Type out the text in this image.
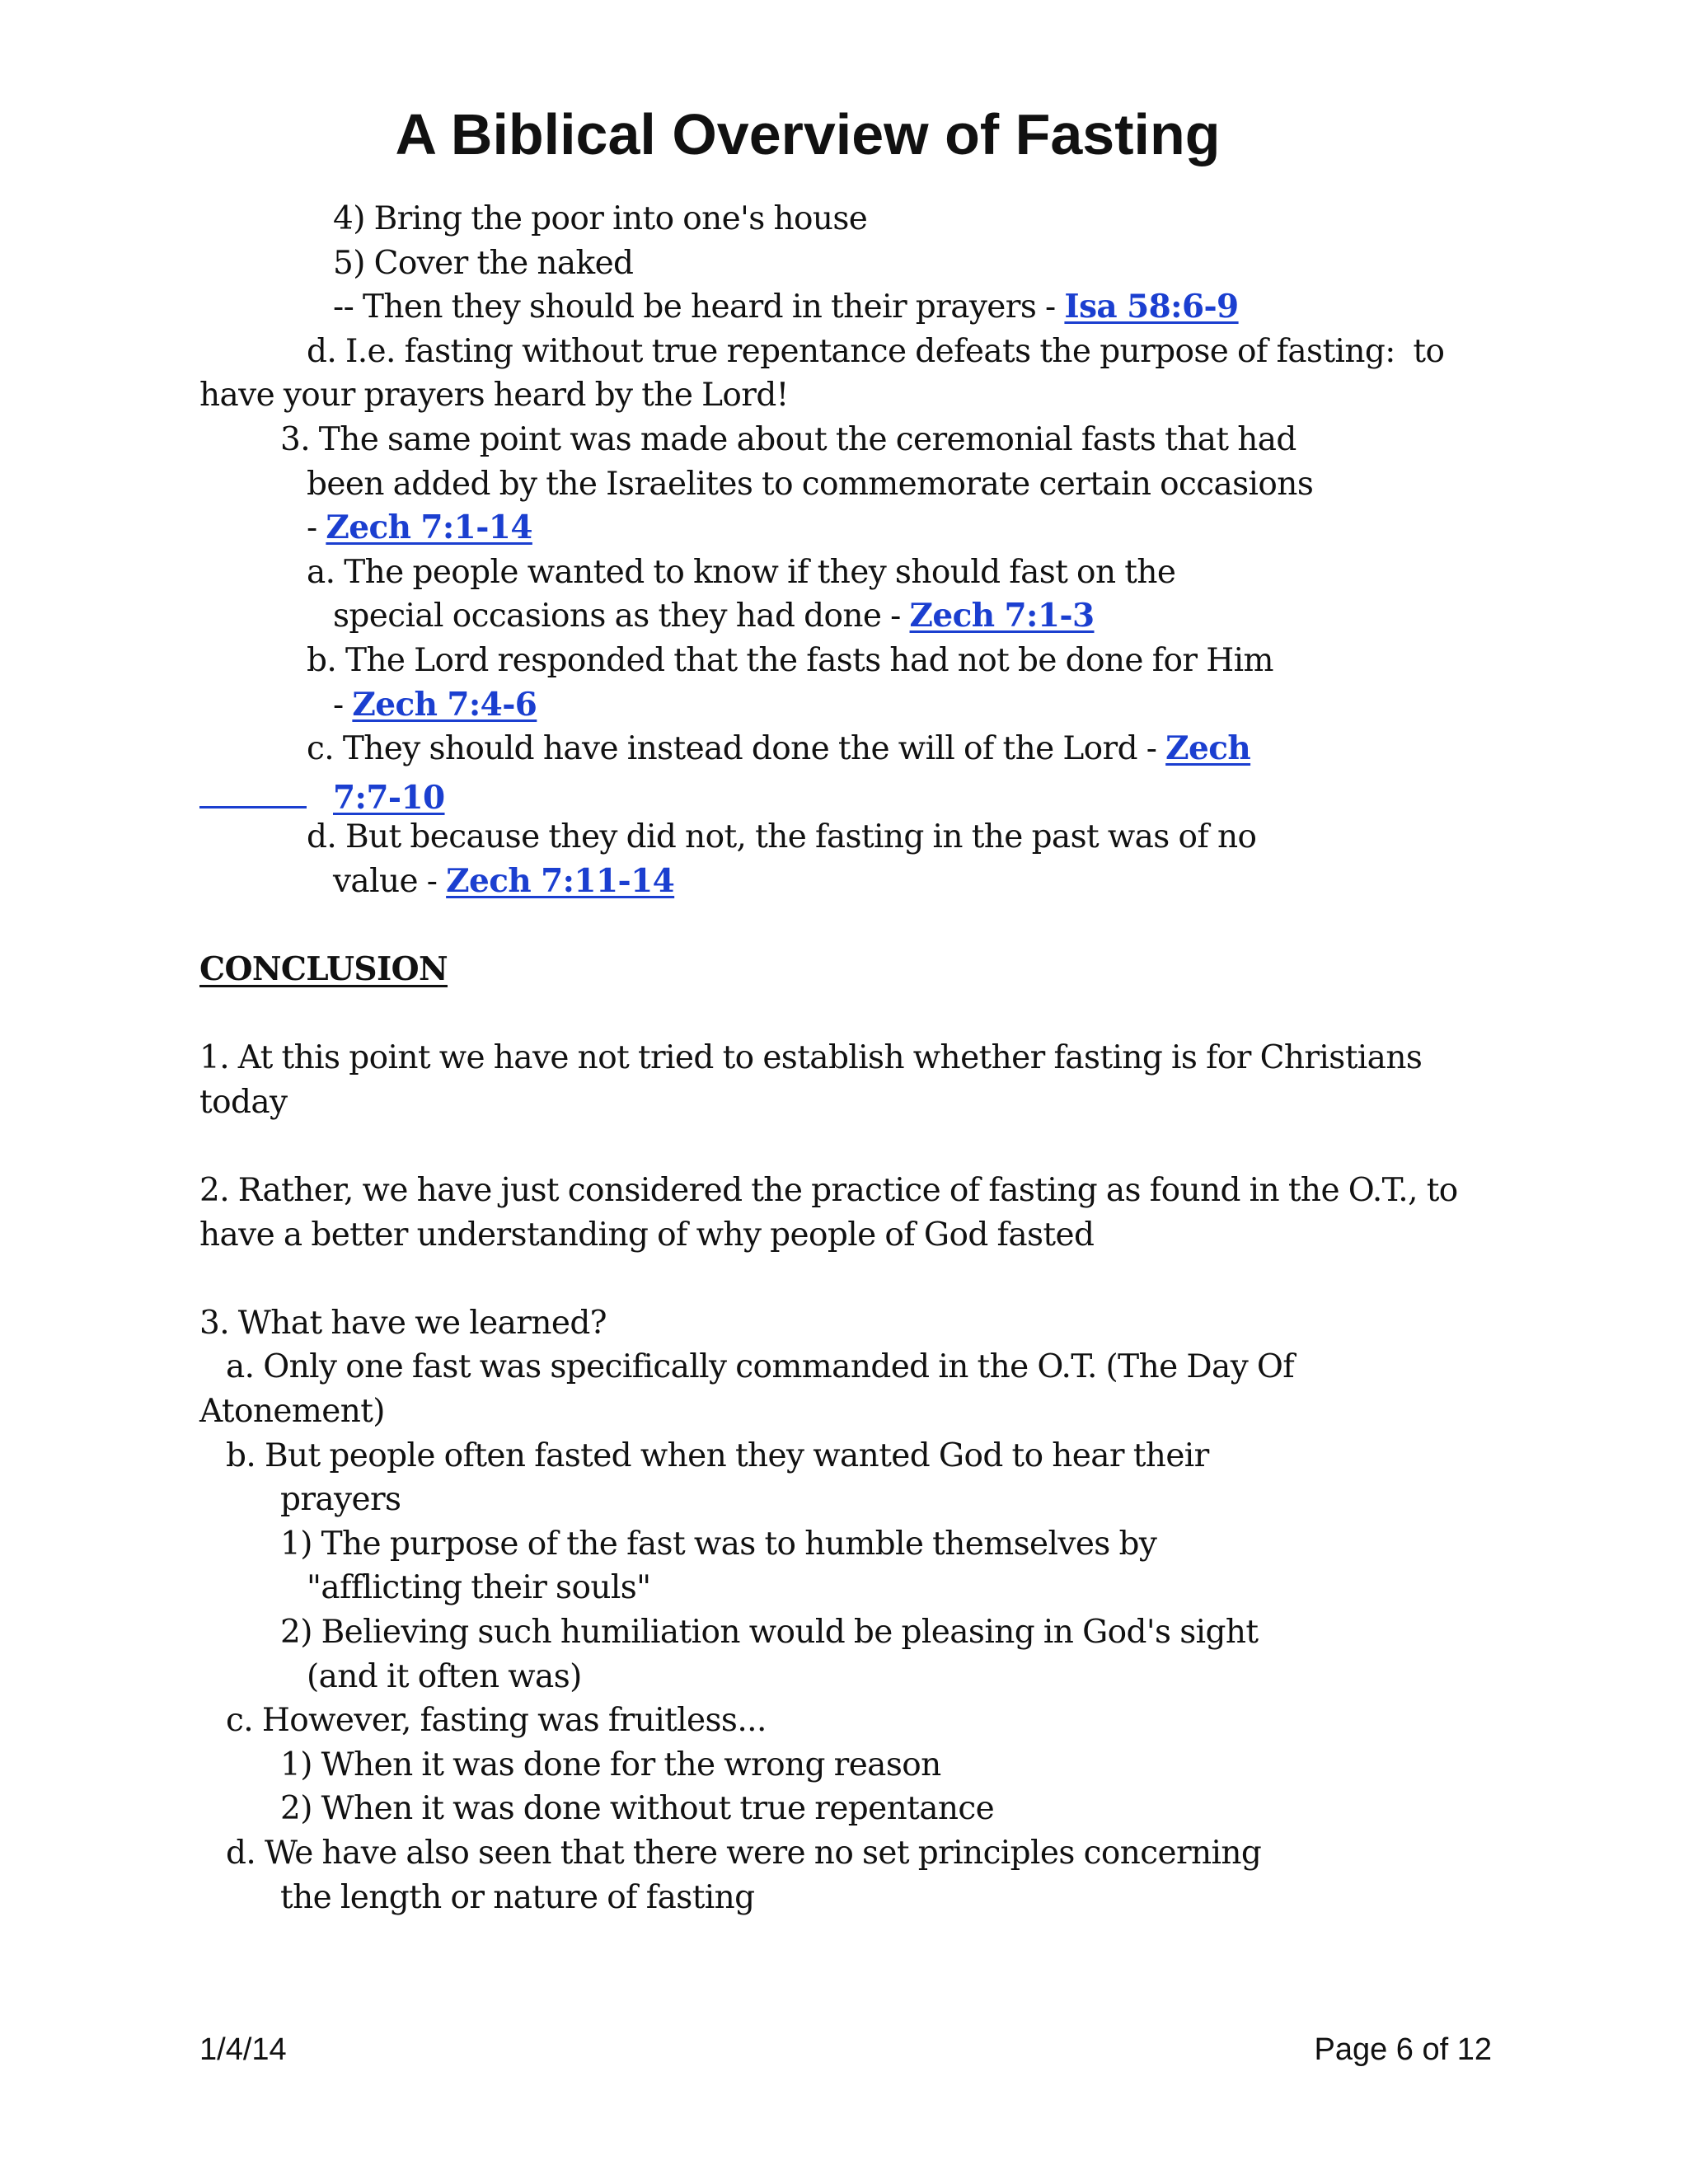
A Biblical Overview of Fasting
4) Bring the poor into one's house
5) Cover the naked
-- Then they should be heard in their prayers - Isa 58:6-9
d. I.e. fasting without true repentance defeats the purpose of fasting:  to
have your prayers heard by the Lord!
3. The same point was made about the ceremonial fasts that had
been added by the Israelites to commemorate certain occasions
- Zech 7:1-14
a. The people wanted to know if they should fast on the
special occasions as they had done - Zech 7:1-3
b. The Lord responded that the fasts had not be done for Him
- Zech 7:4-6
c. They should have instead done the will of the Lord - Zech
7:7-10
d. But because they did not, the fasting in the past was of no
value - Zech 7:11-14
CONCLUSION
1. At this point we have not tried to establish whether fasting is for Christians
today
2. Rather, we have just considered the practice of fasting as found in the O.T., to
have a better understanding of why people of God fasted
3. What have we learned?
a. Only one fast was specifically commanded in the O.T. (The Day Of
Atonement)
b. But people often fasted when they wanted God to hear their
prayers
1) The purpose of the fast was to humble themselves by
"afflicting their souls"
2) Believing such humiliation would be pleasing in God's sight
(and it often was)
c. However, fasting was fruitless...
1) When it was done for the wrong reason
2) When it was done without true repentance
d. We have also seen that there were no set principles concerning
the length or nature of fasting
1/4/14	Page 6 of 12
